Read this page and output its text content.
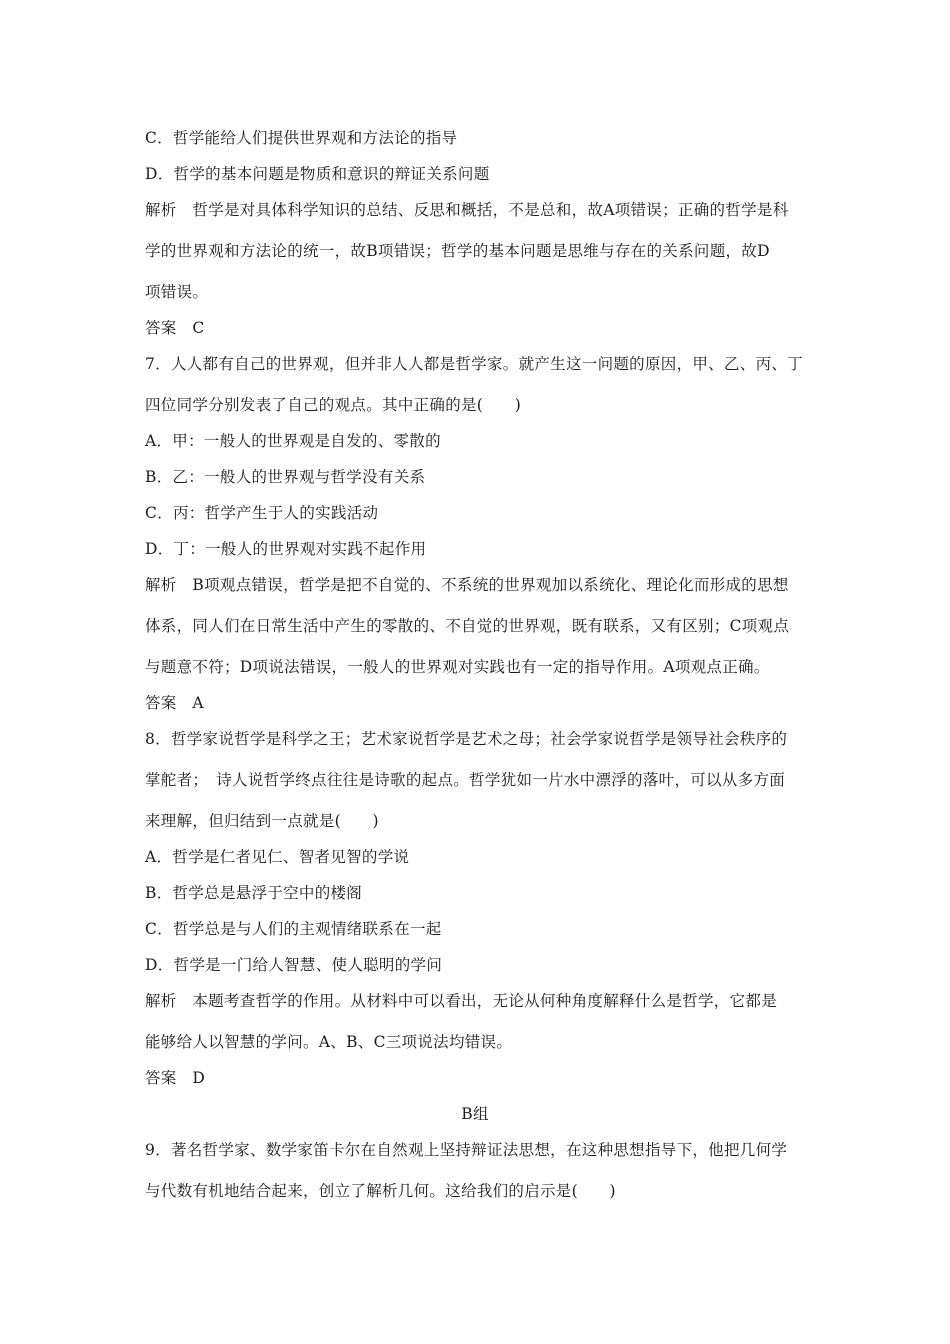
C．哲学能给人们提供世界观和方法论的指导
D．哲学的基本问题是物质和意识的辩证关系问题
解析　哲学是对具体科学知识的总结、反思和概括，不是总和，故A项错误；正确的哲学是科
学的世界观和方法论的统一，故B项错误；哲学的基本问题是思维与存在的关系问题，故D
项错误。
答案　C
7．人人都有自己的世界观，但并非人人都是哲学家。就产生这一问题的原因，甲、乙、丙、丁
四位同学分别发表了自己的观点。其中正确的是(　　)
A．甲：一般人的世界观是自发的、零散的
B．乙：一般人的世界观与哲学没有关系
C．丙：哲学产生于人的实践活动
D．丁：一般人的世界观对实践不起作用
解析　B项观点错误，哲学是把不自觉的、不系统的世界观加以系统化、理论化而形成的思想
体系，同人们在日常生活中产生的零散的、不自觉的世界观，既有联系，又有区别；C项观点
与题意不符；D项说法错误，一般人的世界观对实践也有一定的指导作用。A项观点正确。
答案　A
8．哲学家说哲学是科学之王；艺术家说哲学是艺术之母；社会学家说哲学是领导社会秩序的
掌舵者；　诗人说哲学终点往往是诗歌的起点。哲学犹如一片水中漂浮的落叶，可以从多方面
来理解，但归结到一点就是(　　)
A．哲学是仁者见仁、智者见智的学说
B．哲学总是悬浮于空中的楼阁
C．哲学总是与人们的主观情绪联系在一起
D．哲学是一门给人智慧、使人聪明的学问
解析　本题考查哲学的作用。从材料中可以看出，无论从何种角度解释什么是哲学，它都是
能够给人以智慧的学问。A、B、C三项说法均错误。
答案　D
B组
9．著名哲学家、数学家笛卡尔在自然观上坚持辩证法思想，在这种思想指导下，他把几何学
与代数有机地结合起来，创立了解析几何。这给我们的启示是(　　)
